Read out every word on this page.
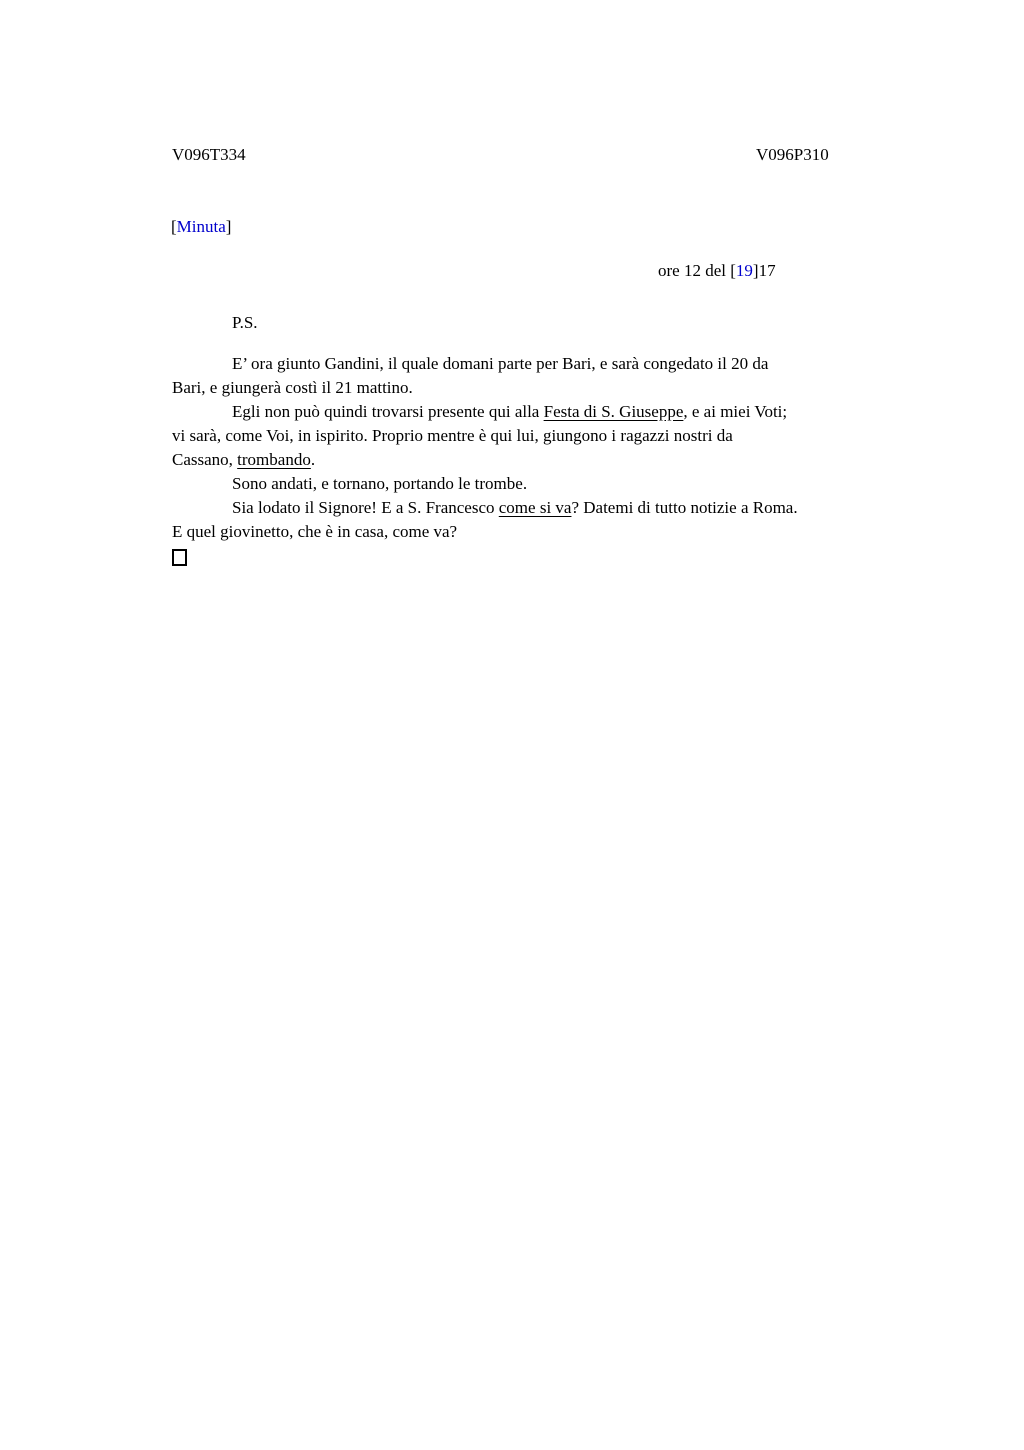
V096T334	V096P310
[Minuta]
ore 12 del [19]17
P.S.
E’ ora giunto Gandini, il quale domani parte per Bari, e sarà congedato il 20 da
Bari, e giungerà costì il 21 mattino.
Egli non può quindi trovarsi presente qui alla Festa di S. Giuseppe, e ai miei Voti;
vi sarà, come Voi, in ispirito. Proprio mentre è qui lui, giungono i ragazzi nostri da
Cassano, trombando.
Sono andati, e tornano, portando le trombe.
Sia lodato il Signore! E a S. Francesco come si va? Datemi di tutto notizie a Roma.
E quel giovinetto, che è in casa, come va?
